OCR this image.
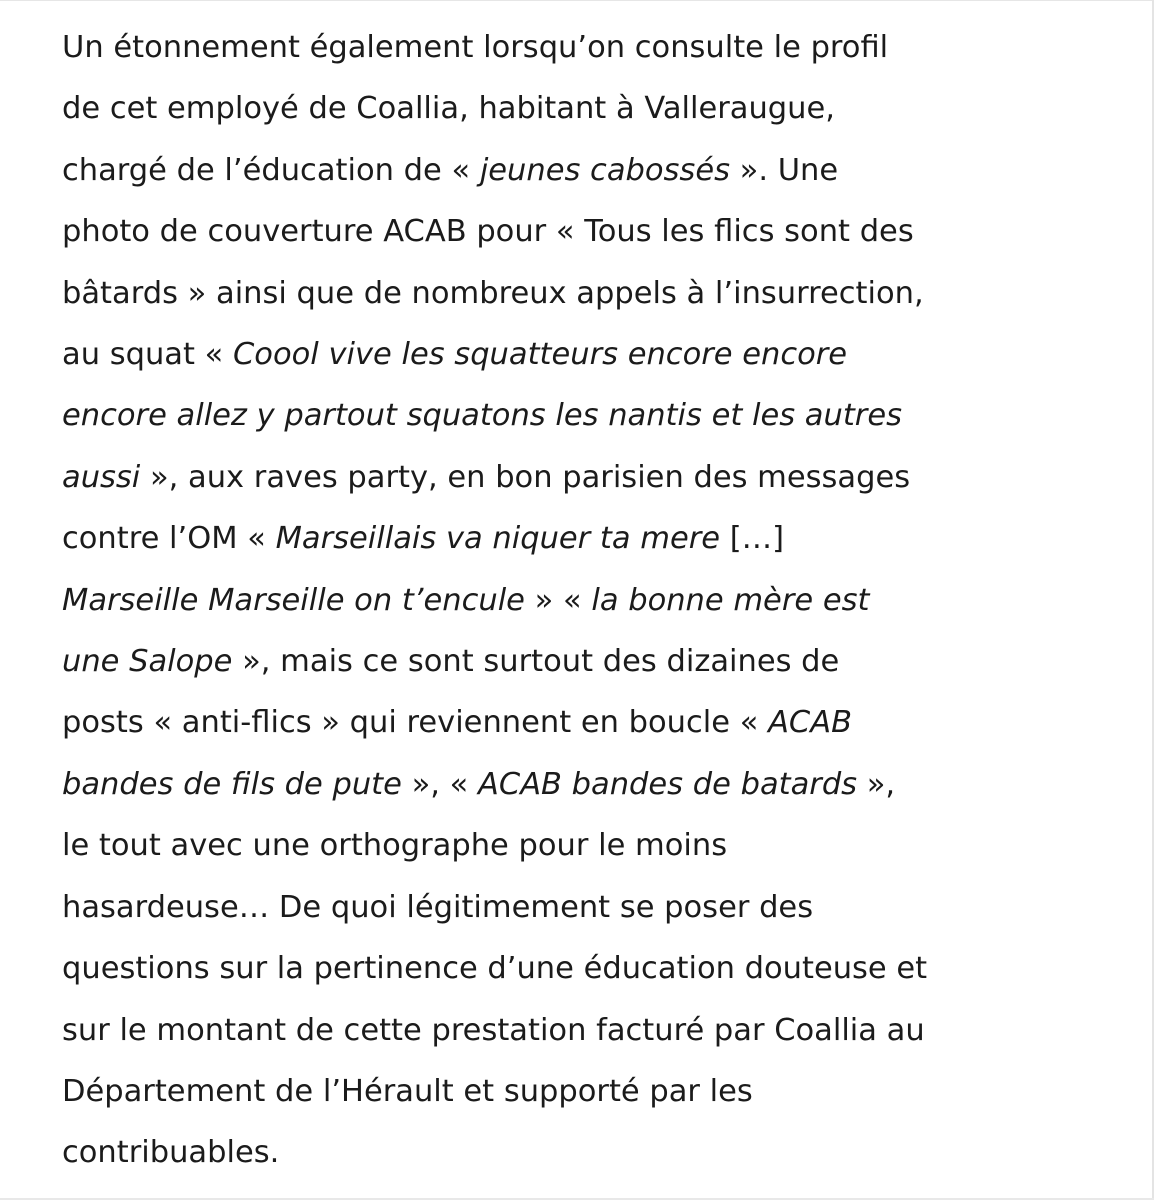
Un étonnement également lorsqu’on consulte le profil
de cet employé de Coallia, habitant à Valleraugue,
chargé de l’éducation de « jeunes cabossés ». Une
photo de couverture ACAB pour « Tous les flics sont des
bâtards » ainsi que de nombreux appels à l’insurrection,
au squat « Coool vive les squatteurs encore encore
encore allez y partout squatons les nantis et les autres
aussi », aux raves party, en bon parisien des messages
contre l’OM « Marseillais va niquer ta mere […]
Marseille Marseille on t’encule » « la bonne mère est
une Salope », mais ce sont surtout des dizaines de
posts « anti-flics » qui reviennent en boucle « ACAB
bandes de fils de pute », « ACAB bandes de batards »,
le tout avec une orthographe pour le moins
hasardeuse… De quoi légitimement se poser des
questions sur la pertinence d’une éducation douteuse et
sur le montant de cette prestation facturé par Coallia au
Département de l’Hérault et supporté par les
contribuables.
